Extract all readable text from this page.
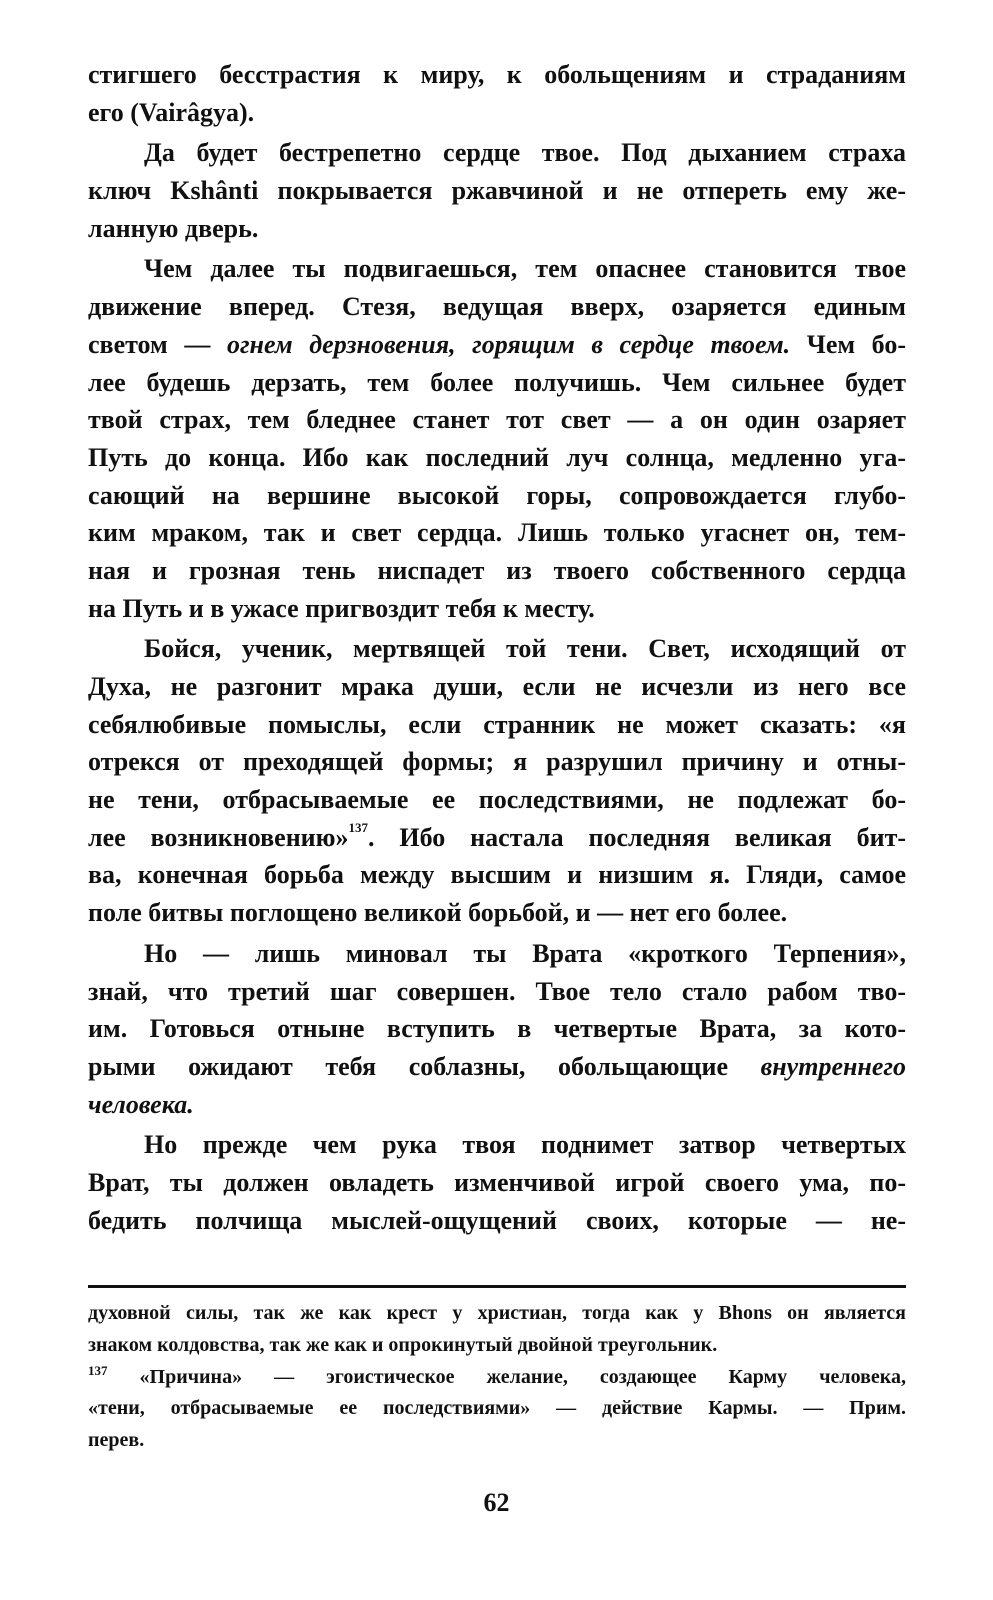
стигшего бесстрастия к миру, к обольщениям и страданиям
его (Vairâgya).
Да будет бестрепетно сердце твое. Под дыханием страха
ключ Kshânti покрывается ржавчиной и не отпереть ему же-
ланную дверь.
Чем далее ты подвигаешься, тем опаснее становится твое
движение вперед. Стезя, ведущая вверх, озаряется единым
светом — огнем дерзновения, горящим в сердце твоем. Чем бо-
лее будешь дерзать, тем более получишь. Чем сильнее будет
твой страх, тем бледнее станет тот свет — а он один озаряет
Путь до конца. Ибо как последний луч солнца, медленно уга-
сающий на вершине высокой горы, сопровождается глубо-
ким мраком, так и свет сердца. Лишь только угаснет он, тем-
ная и грозная тень ниспадет из твоего собственного сердца
на Путь и в ужасе пригвоздит тебя к месту.
Бойся, ученик, мертвящей той тени. Свет, исходящий от
Духа, не разгонит мрака души, если не исчезли из него все
себялюбивые помыслы, если странник не может сказать: «я
отрекся от преходящей формы; я разрушил причину и отны-
не тени, отбрасываемые ее последствиями, не подлежат бо-
лее возникновению»$^{137}$. Ибо настала последняя великая бит-
ва, конечная борьба между высшим и низшим я. Гляди, самое
поле битвы поглощено великой борьбой, и — нет его более.
Но — лишь миновал ты Врата «кроткого Терпения»,
знай, что третий шаг совершен. Твое тело стало рабом тво-
им. Готовься отныне вступить в четвертые Врата, за кото-
рыми ожидают тебя соблазны, обольщающие внутреннего
человека.
Но прежде чем рука твоя поднимет затвор четвертых
Врат, ты должен овладеть изменчивой игрой своего ума, по-
бедить полчища мыслей-ощущений своих, которые — не-
духовной силы, так же как крест у христиан, тогда как у Bhons он является
знаком колдовства, так же как и опрокинутый двойной треугольник.
$^{137}$ «Причина» — эгоистическое желание, создающее Карму человека,
«тени, отбрасываемые ее последствиями» — действие Кармы. — Прим.
перев.
62
